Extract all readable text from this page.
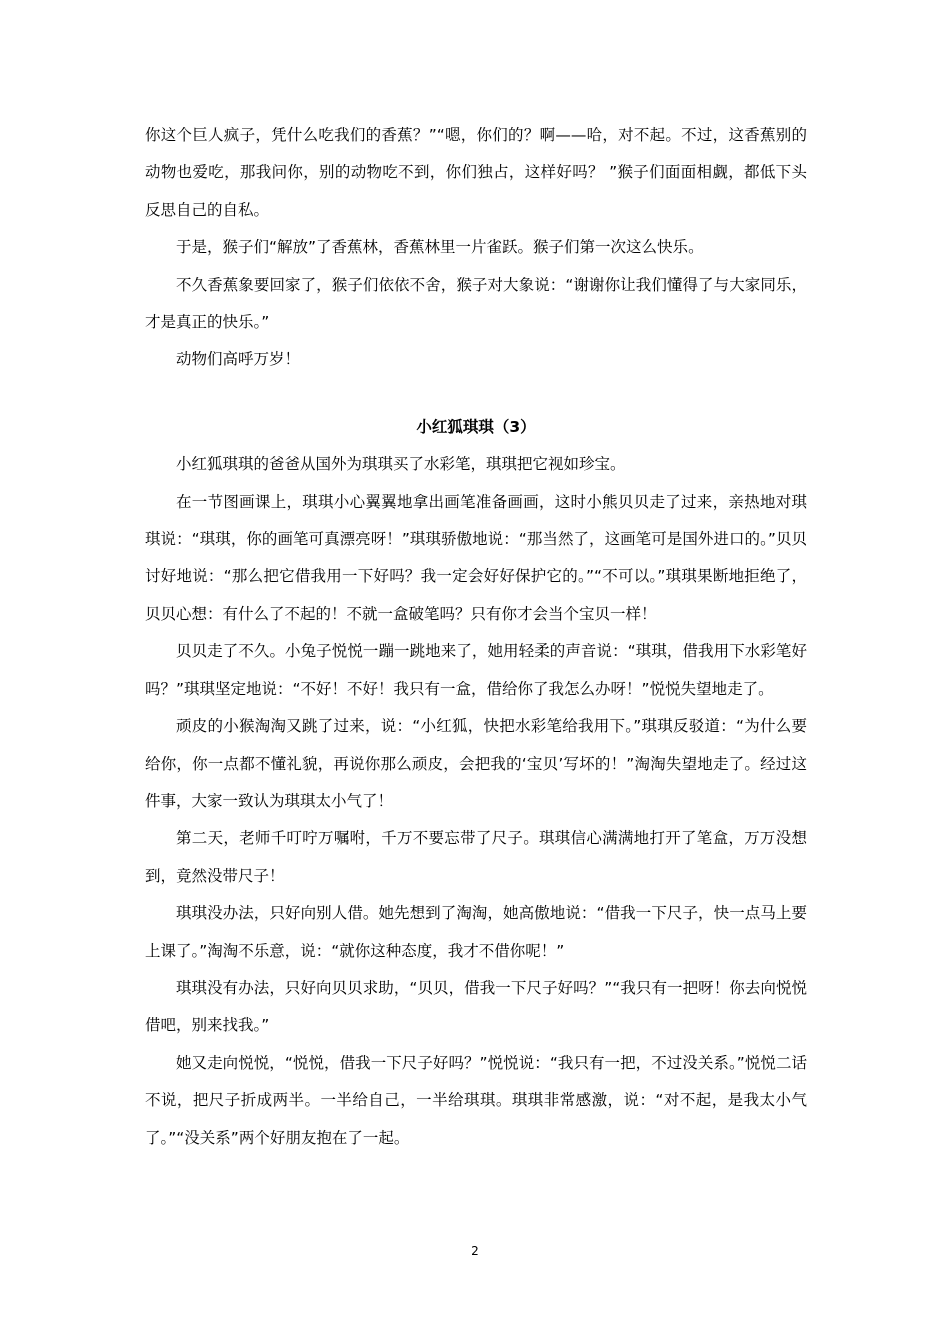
你这个巨人疯子，凭什么吃我们的香蕉？”“嗯，你们的？啊——哈，对不起。不过，这香蕉别的动物也爱吃，那我问你，别的动物吃不到，你们独占，这样好吗？ ”猴子们面面相觑，都低下头反思自己的自私。

于是，猴子们“解放”了香蕉林，香蕉林里一片雀跃。猴子们第一次这么快乐。

不久香蕉象要回家了，猴子们依依不舍，猴子对大象说：“谢谢你让我们懂得了与大家同乐，才是真正的快乐。”

动物们高呼万岁！

小红狐琪琪（3）

小红狐琪琪的爸爸从国外为琪琪买了水彩笔，琪琪把它视如珍宝。

在一节图画课上，琪琪小心翼翼地拿出画笔准备画画，这时小熊贝贝走了过来，亲热地对琪琪说：“琪琪，你的画笔可真漂亮呀！”琪琪骄傲地说：“那当然了，这画笔可是国外进口的。”贝贝讨好地说：“那么把它借我用一下好吗？我一定会好好保护它的。”“不可以。”琪琪果断地拒绝了，贝贝心想：有什么了不起的！不就一盒破笔吗？只有你才会当个宝贝一样！

贝贝走了不久。小兔子悦悦一蹦一跳地来了，她用轻柔的声音说：“琪琪，借我用下水彩笔好吗？”琪琪坚定地说：“不好！不好！我只有一盒，借给你了我怎么办呀！”悦悦失望地走了。

顽皮的小猴淘淘又跳了过来，说：“小红狐，快把水彩笔给我用下。”琪琪反驳道：“为什么要给你，你一点都不懂礼貌，再说你那么顽皮，会把我的‘宝贝’写坏的！”淘淘失望地走了。经过这件事，大家一致认为琪琪太小气了！

第二天，老师千叮咛万嘱咐，千万不要忘带了尺子。琪琪信心满满地打开了笔盒，万万没想到，竟然没带尺子！

琪琪没办法，只好向别人借。她先想到了淘淘，她高傲地说：“借我一下尺子，快一点马上要上课了。”淘淘不乐意，说：“就你这种态度，我才不借你呢！”

琪琪没有办法，只好向贝贝求助，“贝贝，借我一下尺子好吗？”“我只有一把呀！你去向悦悦借吧，别来找我。”

她又走向悦悦，“悦悦，借我一下尺子好吗？”悦悦说：“我只有一把，不过没关系。”悦悦二话不说，把尺子折成两半。一半给自己，一半给琪琪。琪琪非常感激，说：“对不起，是我太小气了。”“没关系”两个好朋友抱在了一起。

2
